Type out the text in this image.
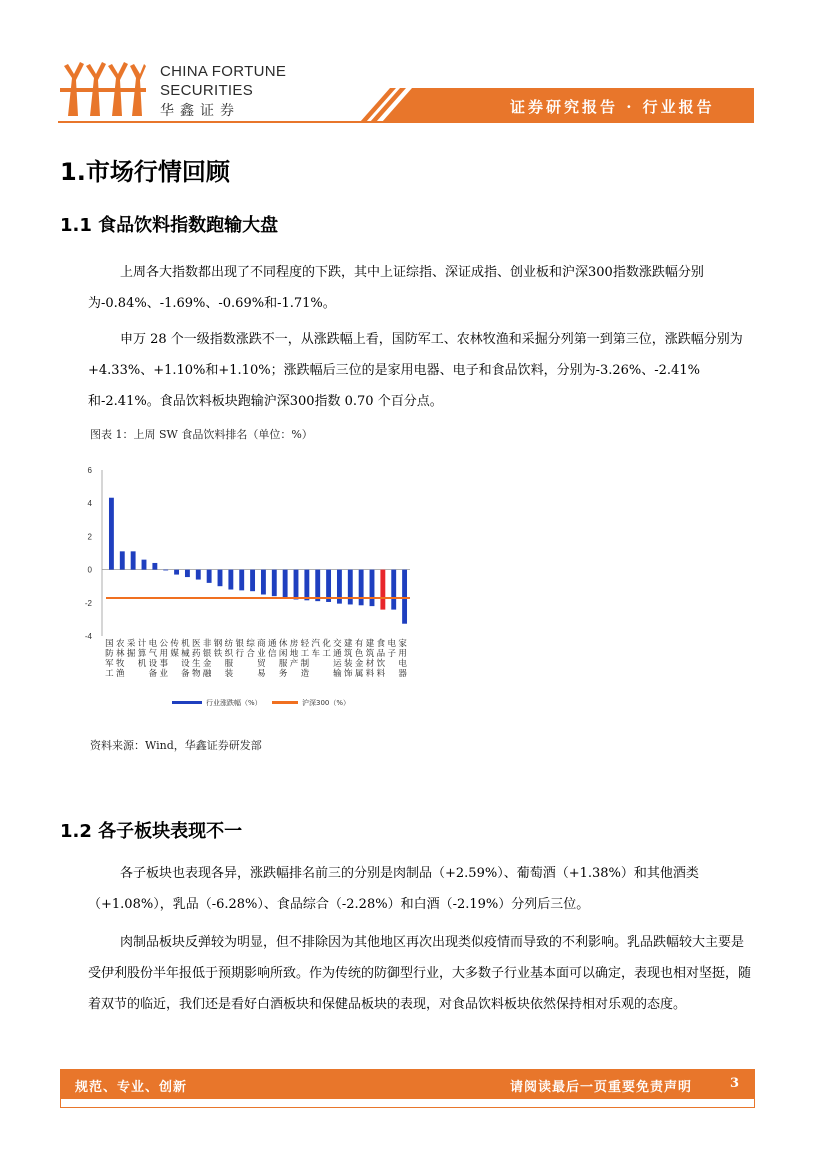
CHINA FORTUNE
SECURITIES
华鑫证券	证券研究报告 · 行业报告
1.市场行情回顾
1.1 食品饮料指数跑输大盘

上周各大指数都出现了不同程度的下跌，其中上证综指、深证成指、创业板和沪深300指数涨跌幅分别为-0.84%、-1.69%、-0.69%和-1.71%。

申万 28 个一级指数涨跌不一，从涨跌幅上看，国防军工、农林牧渔和采掘分列第一到第三位，涨跌幅分别为+4.33%、+1.10%和+1.10%；涨跌幅后三位的是家用电器、电子和食品饮料，分别为-3.26%、-2.41%和-2.41%。食品饮料板块跑输沪深300指数 0.70 个百分点。

图表 1：上周 SW 食品饮料排名（单位：%）
6
4
2
0
-2
-4
国
防
军
工
农
林
牧
渔
采
掘
计
算
机
电
气
设
备
公
用
事
业
传
媒
机
械
设
备
医
药
生
物
非
银
金
融
钢
铁
纺
织
服
装
银
行
综
合
商
业
贸
易
通
信
休
闲
服
务
房
地
产
轻
工
制
造
汽
车
化
工
交
通
运
输
建
筑
装
饰
有
色
金
属
建
筑
材
料
食
品
饮
料
电
子
家
用
电
器
行业涨跌幅（%）	沪深300（%）
资料来源：Wind，华鑫证券研发部
1.2 各子板块表现不一

各子板块也表现各异，涨跌幅排名前三的分别是肉制品（+2.59%）、葡萄酒（+1.38%）和其他酒类（+1.08%），乳品（-6.28%）、食品综合（-2.28%）和白酒（-2.19%）分列后三位。

肉制品板块反弹较为明显，但不排除因为其他地区再次出现类似疫情而导致的不利影响。乳品跌幅较大主要是受伊利股份半年报低于预期影响所致。作为传统的防御型行业，大多数子行业基本面可以确定，表现也相对坚挺，随着双节的临近，我们还是看好白酒板块和保健品板块的表现，对食品饮料板块依然保持相对乐观的态度。

规范、专业、创新	请阅读最后一页重要免责声明	3
